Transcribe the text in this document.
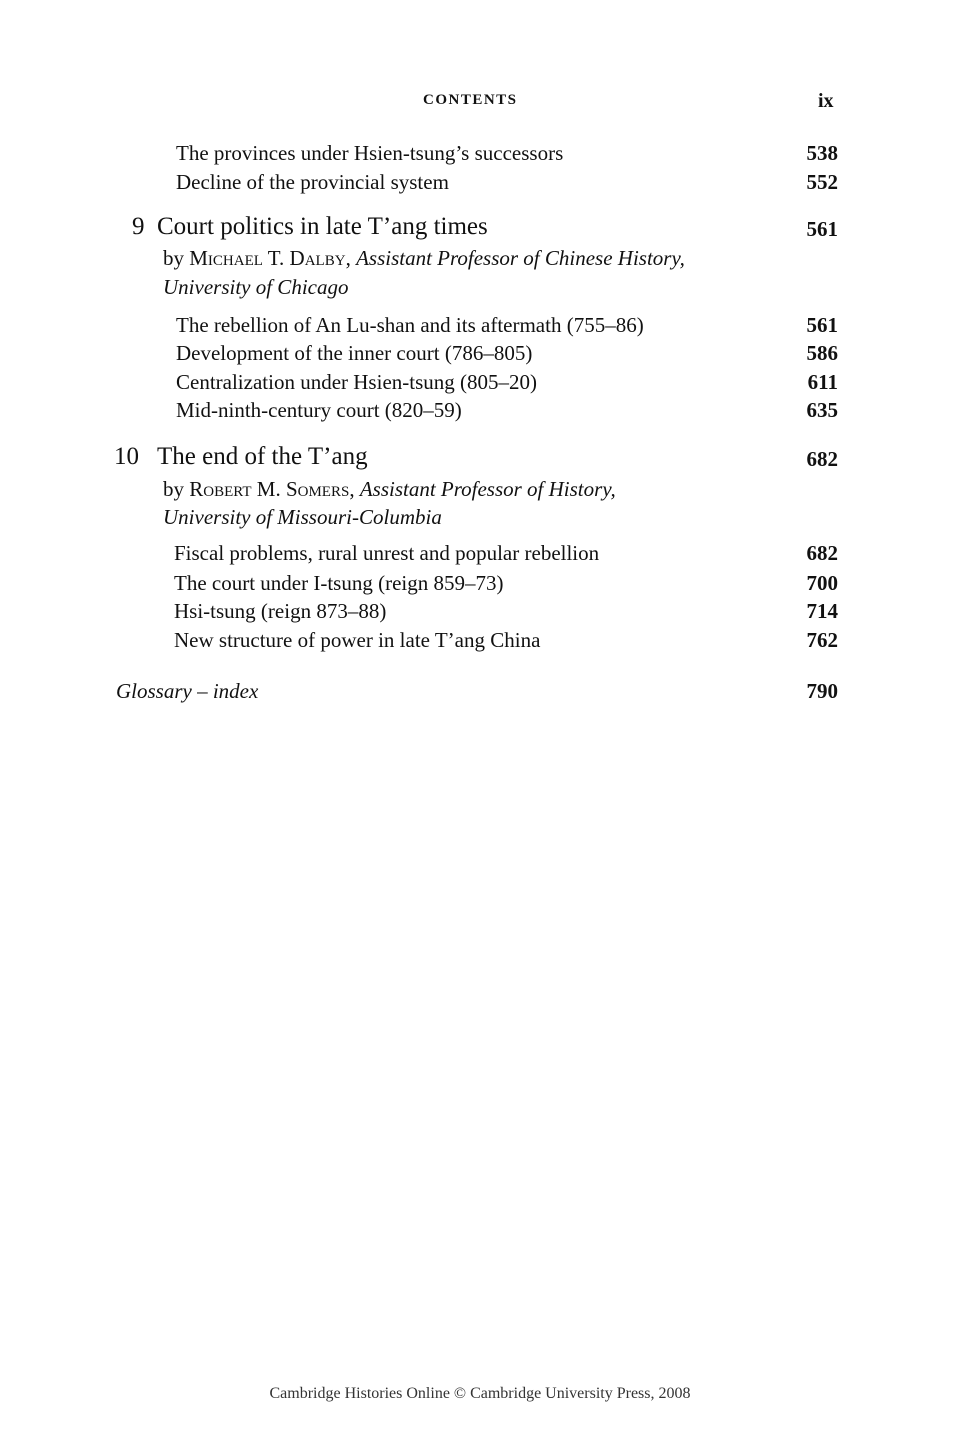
CONTENTS	ix
The provinces under Hsien-tsung’s successors	538
Decline of the provincial system	552
9 Court politics in late T’ang times	561
by Michael T. Dalby, Assistant Professor of Chinese History,
University of Chicago
The rebellion of An Lu-shan and its aftermath (755–86)	561
Development of the inner court (786–805)	586
Centralization under Hsien-tsung (805–20)	611
Mid-ninth-century court (820–59)	635
10 The end of the T’ang	682
by Robert M. Somers, Assistant Professor of History,
University of Missouri-Columbia
Fiscal problems, rural unrest and popular rebellion	682
The court under I-tsung (reign 859–73)	700
Hsi-tsung (reign 873–88)	714
New structure of power in late T’ang China	762
Glossary – index	790
Cambridge Histories Online © Cambridge University Press, 2008
